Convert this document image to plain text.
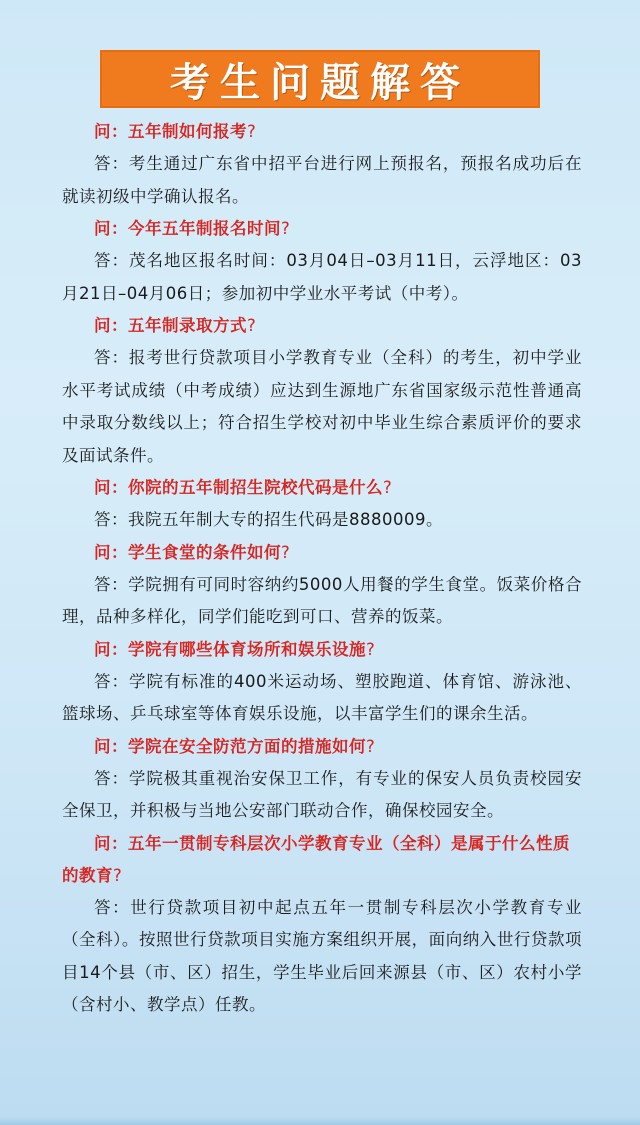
考生问题解答

问：五年制如何报考?

答：考生通过广东省中招平台进行网上预报名，预报名成功后在就读初级中学确认报名。

问：今年五年制报名时间?

答：茂名地区报名时间：03月04日–03月11日，云浮地区：03月21日–04月06日；参加初中学业水平考试（中考）。

问：五年制录取方式?

答：报考世行贷款项目小学教育专业（全科）的考生，初中学业水平考试成绩（中考成绩）应达到生源地广东省国家级示范性普通高中录取分数线以上；符合招生学校对初中毕业生综合素质评价的要求及面试条件。

问：你院的五年制招生院校代码是什么?

答：我院五年制大专的招生代码是8880009。

问：学生食堂的条件如何?

答：学院拥有可同时容纳约5000人用餐的学生食堂。饭菜价格合理，品种多样化，同学们能吃到可口、营养的饭菜。

问：学院有哪些体育场所和娱乐设施?

答：学院有标准的400米运动场、塑胶跑道、体育馆、游泳池、篮球场、乒乓球室等体育娱乐设施，以丰富学生们的课余生活。

问：学院在安全防范方面的措施如何?

答：学院极其重视治安保卫工作，有专业的保安人员负责校园安全保卫，并积极与当地公安部门联动合作，确保校园安全。

问：五年一贯制专科层次小学教育专业（全科）是属于什么性质的教育?

答：世行贷款项目初中起点五年一贯制专科层次小学教育专业（全科）。按照世行贷款项目实施方案组织开展，面向纳入世行贷款项目14个县（市、区）招生，学生毕业后回来源县（市、区）农村小学（含村小、教学点）任教。
